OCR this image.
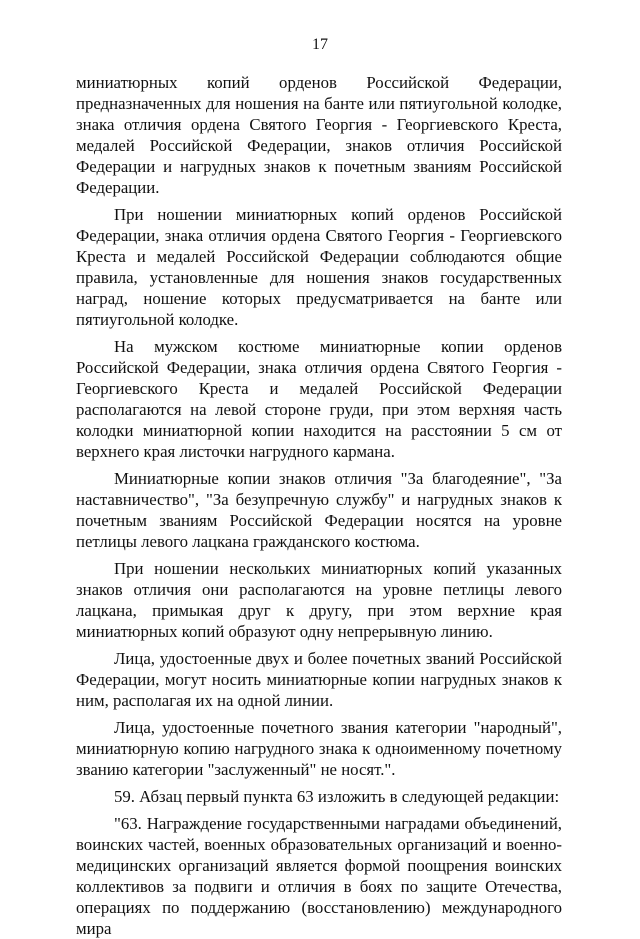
17

миниатюрных копий орденов Российской Федерации, предназначенных для ношения на банте или пятиугольной колодке, знака отличия ордена Святого Георгия - Георгиевского Креста, медалей Российской Федерации, знаков отличия Российской Федерации и нагрудных знаков к почетным званиям Российской Федерации.

При ношении миниатюрных копий орденов Российской Федерации, знака отличия ордена Святого Георгия - Георгиевского Креста и медалей Российской Федерации соблюдаются общие правила, установленные для ношения знаков государственных наград, ношение которых предусматривается на банте или пятиугольной колодке.

На мужском костюме миниатюрные копии орденов Российской Федерации, знака отличия ордена Святого Георгия - Георгиевского Креста и медалей Российской Федерации располагаются на левой стороне груди, при этом верхняя часть колодки миниатюрной копии находится на расстоянии 5 см от верхнего края листочки нагрудного кармана.

Миниатюрные копии знаков отличия "За благодеяние", "За наставничество", "За безупречную службу" и нагрудных знаков к почетным званиям Российской Федерации носятся на уровне петлицы левого лацкана гражданского костюма.

При ношении нескольких миниатюрных копий указанных знаков отличия они располагаются на уровне петлицы левого лацкана, примыкая друг к другу, при этом верхние края миниатюрных копий образуют одну непрерывную линию.

Лица, удостоенные двух и более почетных званий Российской Федерации, могут носить миниатюрные копии нагрудных знаков к ним, располагая их на одной линии.

Лица, удостоенные почетного звания категории "народный", миниатюрную копию нагрудного знака к одноименному почетному званию категории "заслуженный" не носят.".

59. Абзац первый пункта 63 изложить в следующей редакции:

"63. Награждение государственными наградами объединений, воинских частей, военных образовательных организаций и военно-медицинских организаций является формой поощрения воинских коллективов за подвиги и отличия в боях по защите Отечества, операциях по поддержанию (восстановлению) международного мира
